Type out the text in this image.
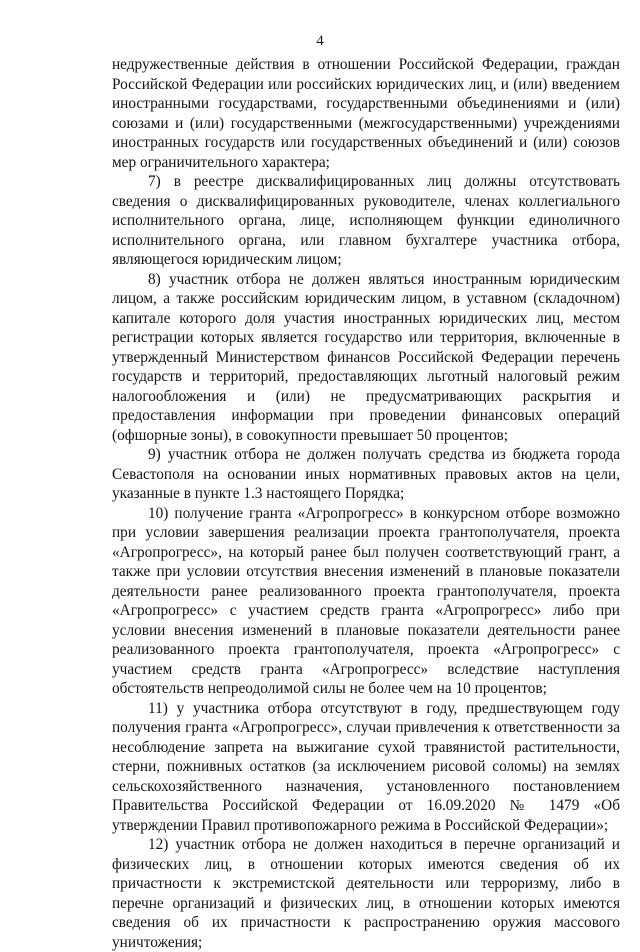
4

недружественные действия в отношении Российской Федерации, граждан Российской Федерации или российских юридических лиц, и (или) введением иностранными государствами, государственными объединениями и (или) союзами и (или) государственными (межгосударственными) учреждениями иностранных государств или государственных объединений и (или) союзов мер ограничительного характера;

7) в реестре дисквалифицированных лиц должны отсутствовать сведения о дисквалифицированных руководителе, членах коллегиального исполнительного органа, лице, исполняющем функции единоличного исполнительного органа, или главном бухгалтере участника отбора, являющегося юридическим лицом;

8) участник отбора не должен являться иностранным юридическим лицом, а также российским юридическим лицом, в уставном (складочном) капитале которого доля участия иностранных юридических лиц, местом регистрации которых является государство или территория, включенные в утвержденный Министерством финансов Российской Федерации перечень государств и территорий, предоставляющих льготный налоговый режим налогообложения и (или) не предусматривающих раскрытия и предоставления информации при проведении финансовых операций (офшорные зоны), в совокупности превышает 50 процентов;

9) участник отбора не должен получать средства из бюджета города Севастополя на основании иных нормативных правовых актов на цели, указанные в пункте 1.3 настоящего Порядка;

10) получение гранта «Агропрогресс» в конкурсном отборе возможно при условии завершения реализации проекта грантополучателя, проекта «Агропрогресс», на который ранее был получен соответствующий грант, а также при условии отсутствия внесения изменений в плановые показатели деятельности ранее реализованного проекта грантополучателя, проекта «Агропрогресс» с участием средств гранта «Агропрогресс» либо при условии внесения изменений в плановые показатели деятельности ранее реализованного проекта грантополучателя, проекта «Агропрогресс» с участием средств гранта «Агропрогресс» вследствие наступления обстоятельств непреодолимой силы не более чем на 10 процентов;

11) у участника отбора отсутствуют в году, предшествующем году получения гранта «Агропрогресс», случаи привлечения к ответственности за несоблюдение запрета на выжигание сухой травянистой растительности, стерни, пожнивных остатков (за исключением рисовой соломы) на землях сельскохозяйственного назначения, установленного постановлением Правительства Российской Федерации от 16.09.2020 № 1479 «Об утверждении Правил противопожарного режима в Российской Федерации»;

12) участник отбора не должен находиться в перечне организаций и физических лиц, в отношении которых имеются сведения об их причастности к экстремистской деятельности или терроризму, либо в перечне организаций и физических лиц, в отношении которых имеются сведения об их причастности к распространению оружия массового уничтожения;
